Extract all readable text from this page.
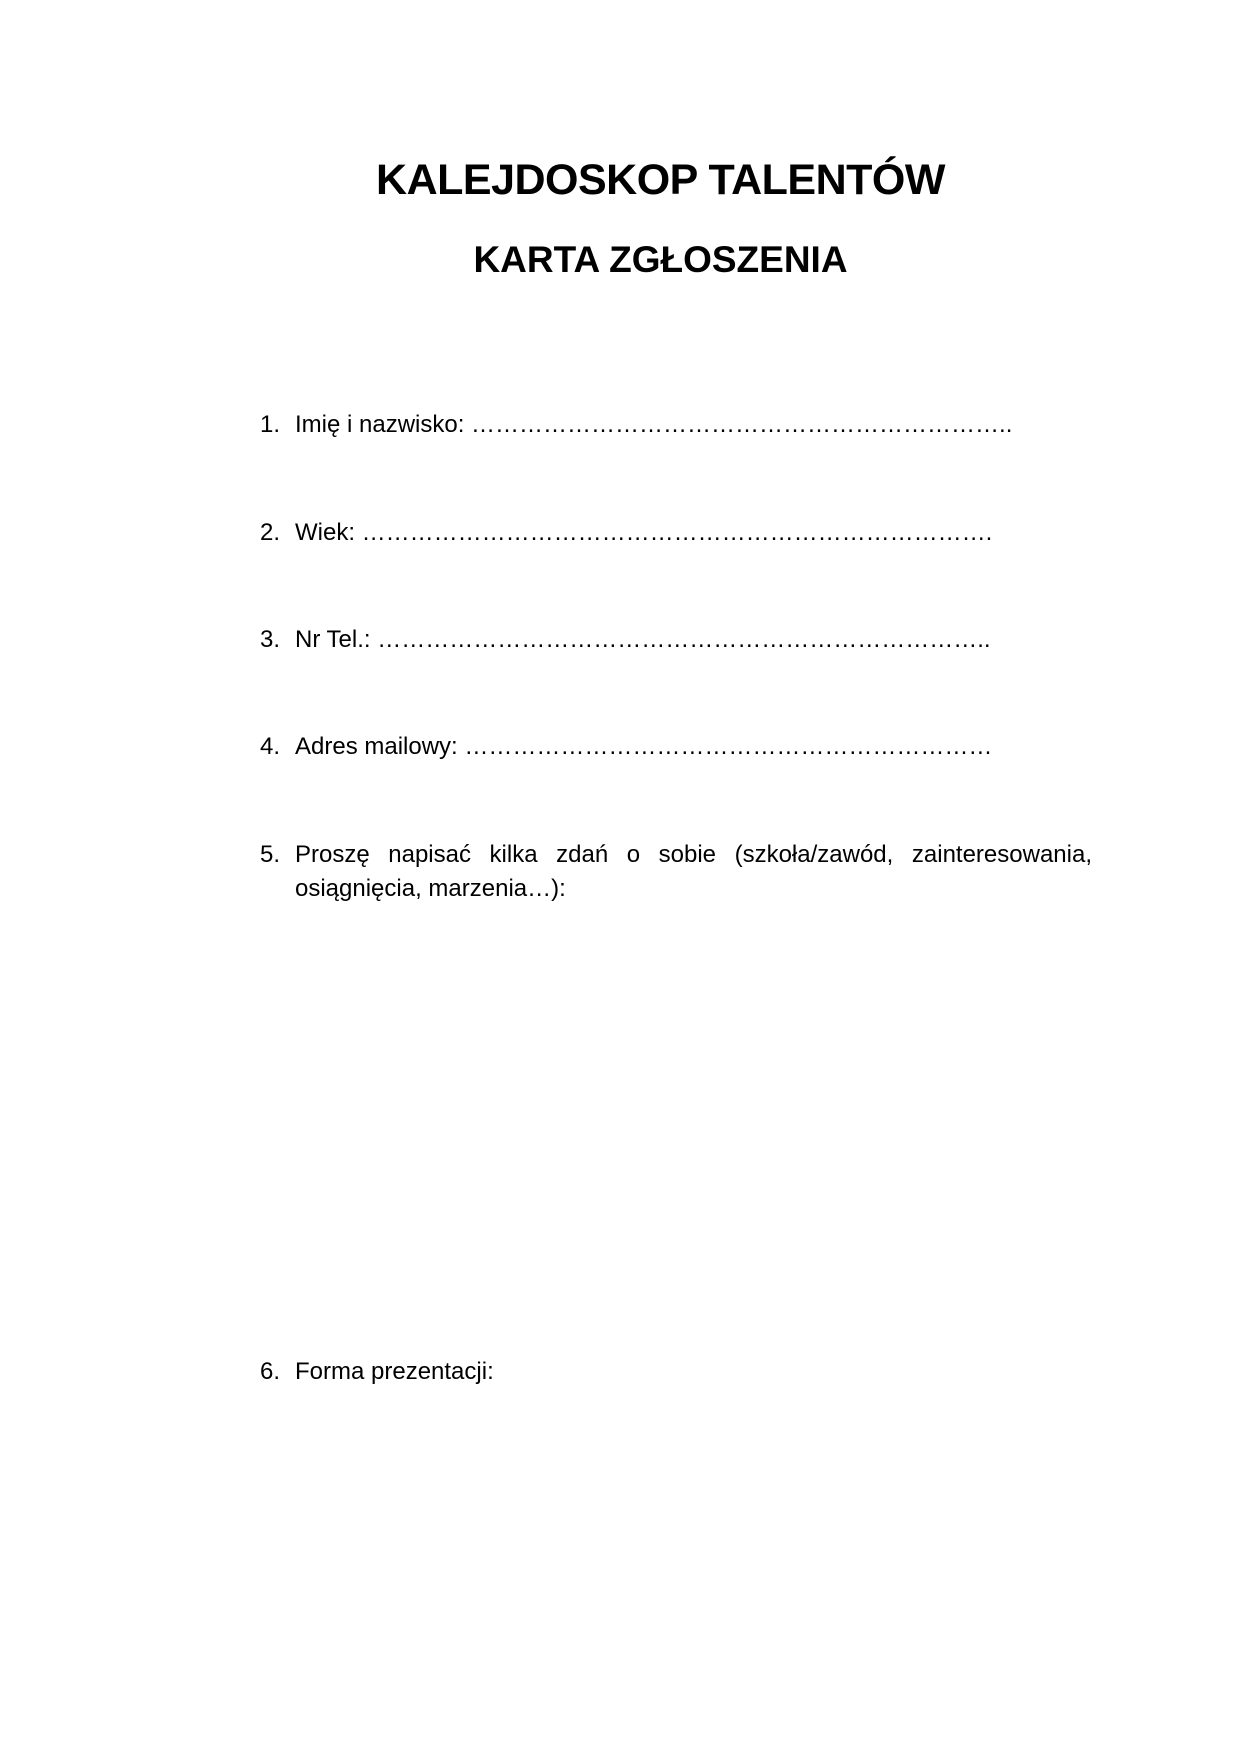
KALEJDOSKOP TALENTÓW
KARTA ZGŁOSZENIA
1. Imię i nazwisko: …………………………………………………………..
2. Wiek: …………………………………………………………………….
3. Nr Tel.: …………………………………………………………………..
4. Adres mailowy: …………………………………………………………
5. Proszę napisać kilka zdań o sobie (szkoła/zawód, zainteresowania, osiągnięcia, marzenia…):
6. Forma prezentacji:
